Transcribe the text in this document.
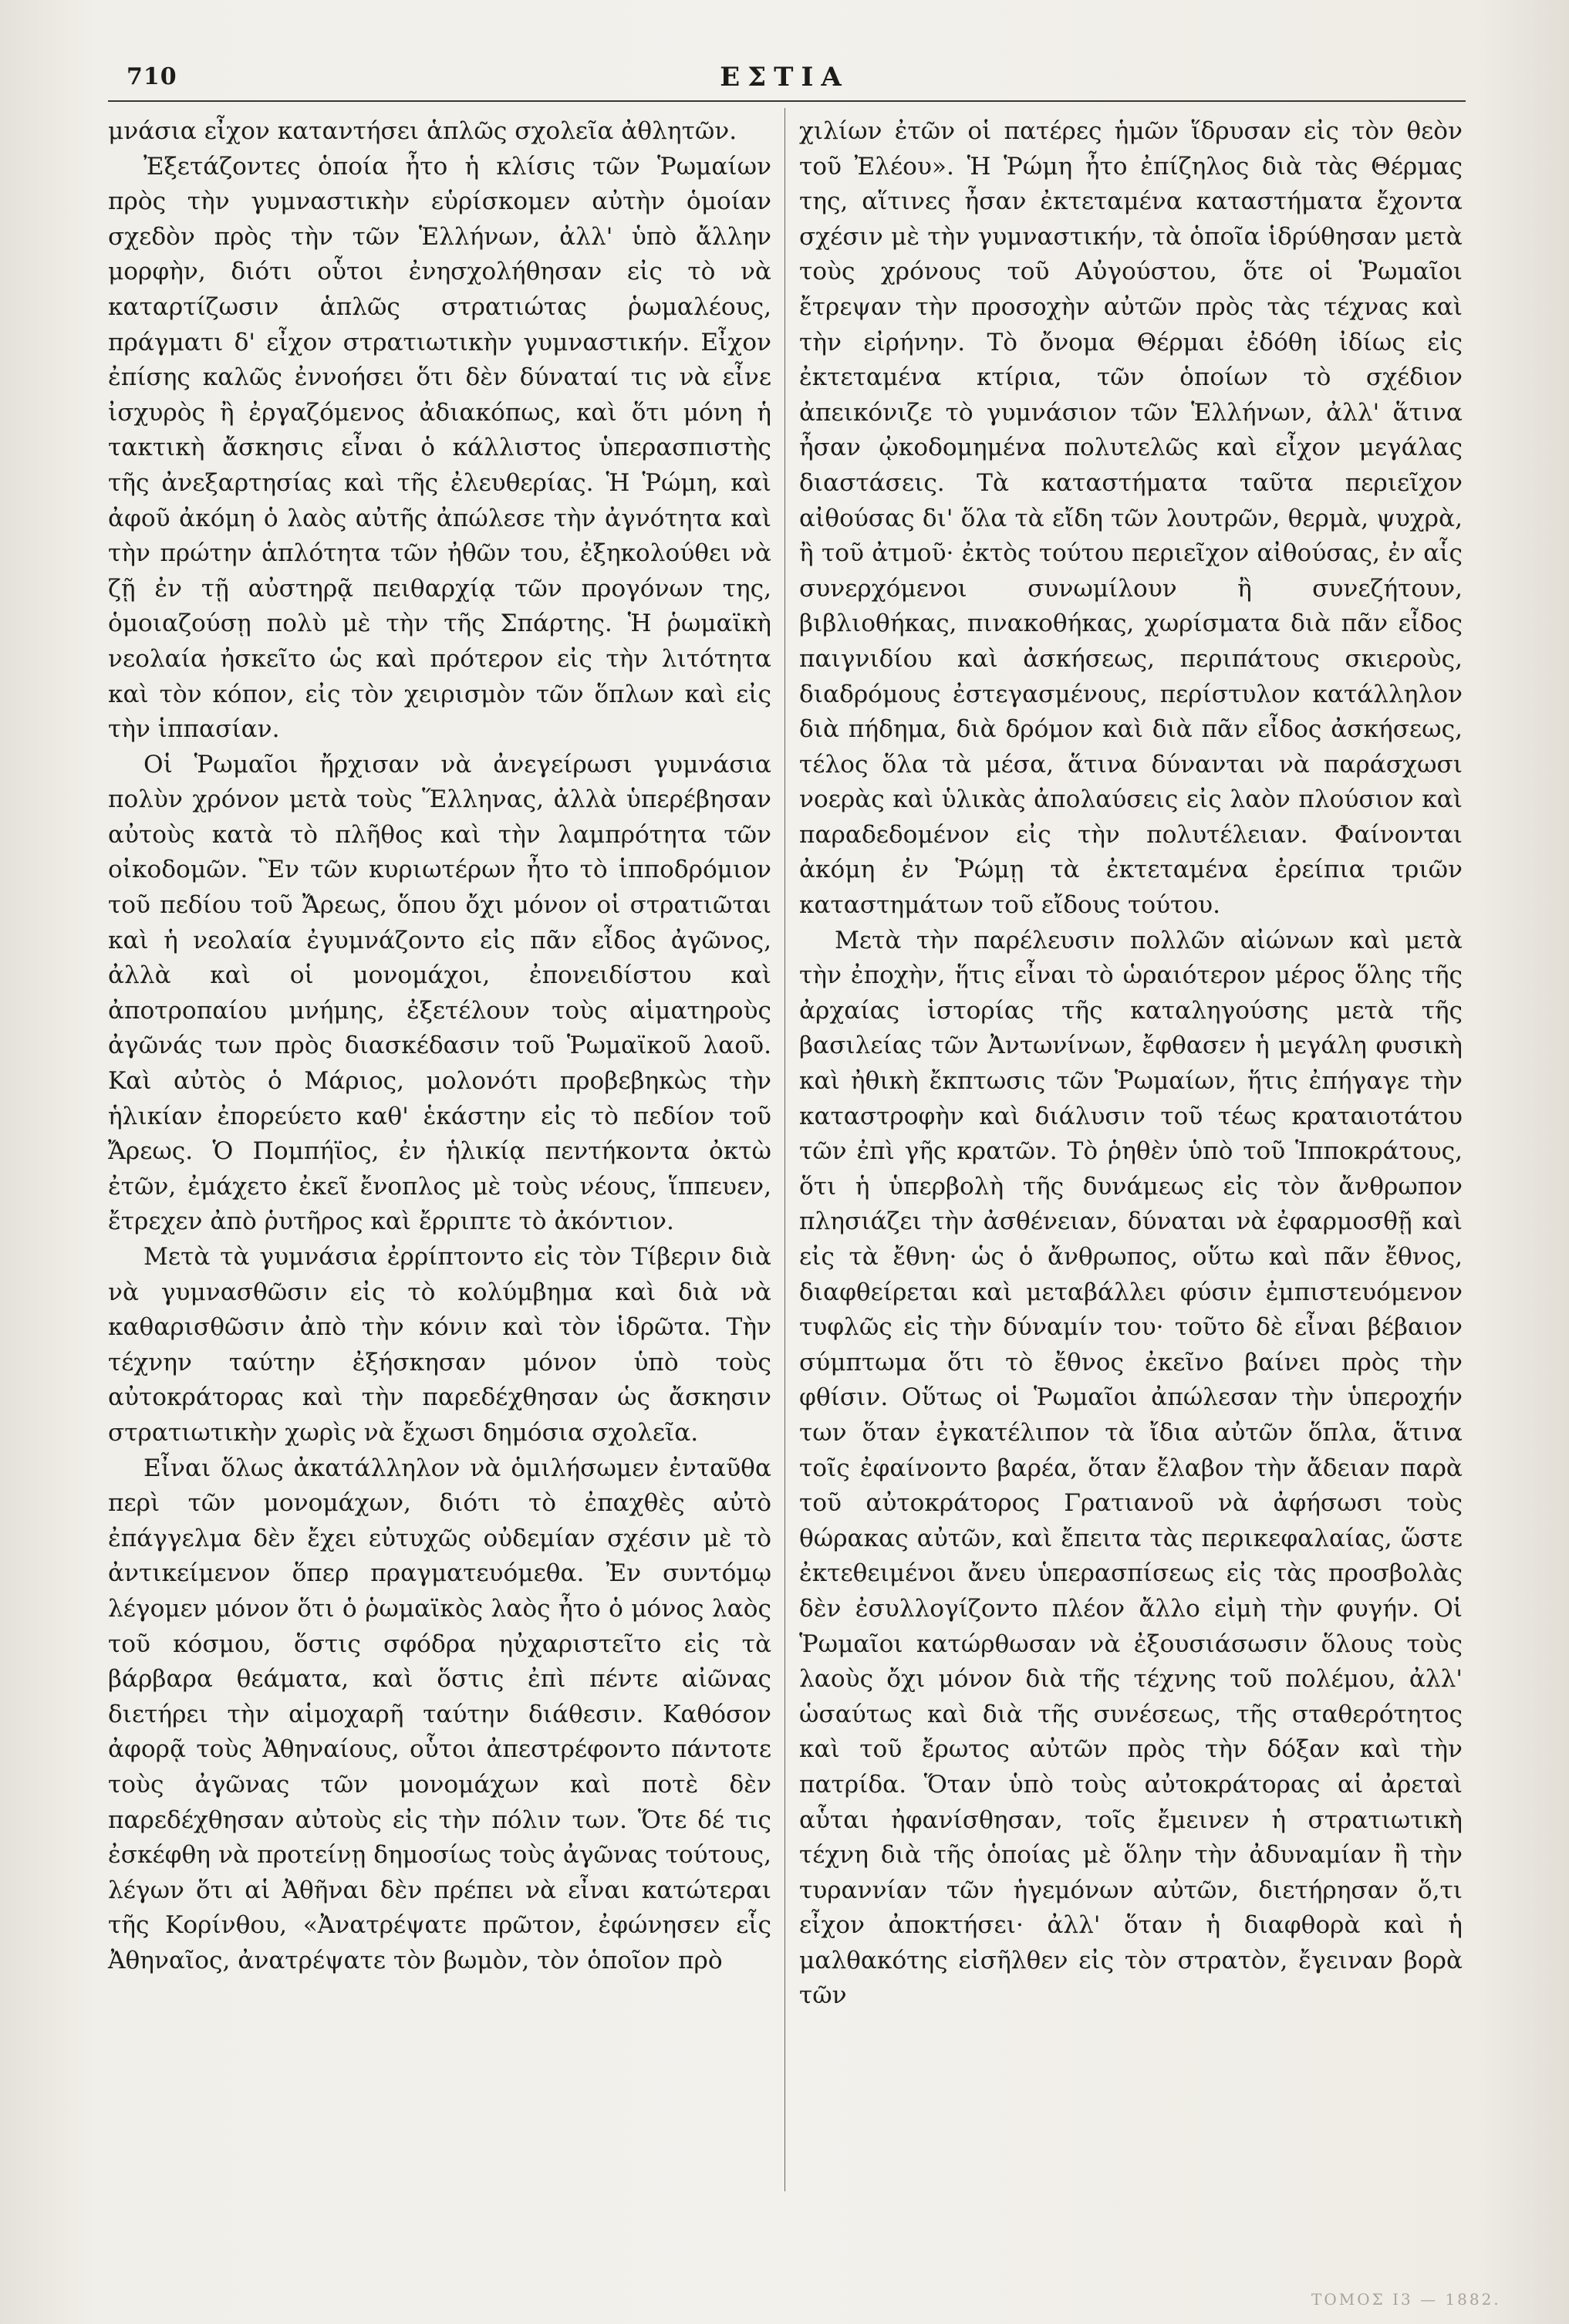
710	ΕΣΤΙΑ

μνάσια εἶχον καταντήσει ἁπλῶς σχολεῖα ἀθλητῶν.

Ἐξετάζοντες ὁποία ἦτο ἡ κλίσις τῶν Ῥωμαίων πρὸς τὴν γυμναστικὴν εὑρίσκομεν αὐτὴν ὁμοίαν σχεδὸν πρὸς τὴν τῶν Ἑλλήνων, ἀλλ' ὑπὸ ἄλλην μορφὴν, διότι οὗτοι ἐνησχολήθησαν εἰς τὸ νὰ καταρτίζωσιν ἁπλῶς στρατιώτας ῥωμαλέους, πράγματι δ' εἶχον στρατιωτικὴν γυμναστικήν. Εἶχον ἐπίσης καλῶς ἐννοήσει ὅτι δὲν δύναταί τις νὰ εἶνε ἰσχυρὸς ἢ ἐργαζόμενος ἀδιακόπως, καὶ ὅτι μόνη ἡ τακτικὴ ἄσκησις εἶναι ὁ κάλλιστος ὑπερασπιστὴς τῆς ἀνεξαρτησίας καὶ τῆς ἐλευθερίας. Ἡ Ῥώμη, καὶ ἀφοῦ ἀκόμη ὁ λαὸς αὐτῆς ἀπώλεσε τὴν ἀγνότητα καὶ τὴν πρώτην ἁπλότητα τῶν ἠθῶν του, ἐξηκολούθει νὰ ζῇ ἐν τῇ αὐστηρᾷ πειθαρχίᾳ τῶν προγόνων της, ὁμοιαζούσῃ πολὺ μὲ τὴν τῆς Σπάρτης. Ἡ ῥωμαϊκὴ νεολαία ἠσκεῖτο ὡς καὶ πρότερον εἰς τὴν λιτότητα καὶ τὸν κόπον, εἰς τὸν χειρισμὸν τῶν ὅπλων καὶ εἰς τὴν ἱππασίαν.

Οἱ Ῥωμαῖοι ἤρχισαν νὰ ἀνεγείρωσι γυμνάσια πολὺν χρόνον μετὰ τοὺς Ἕλληνας, ἀλλὰ ὑπερέβησαν αὐτοὺς κατὰ τὸ πλῆθος καὶ τὴν λαμπρότητα τῶν οἰκοδομῶν. Ἓν τῶν κυριωτέρων ἦτο τὸ ἱπποδρόμιον τοῦ πεδίου τοῦ Ἄρεως, ὅπου ὄχι μόνον οἱ στρατιῶται καὶ ἡ νεολαία ἐγυμνάζοντο εἰς πᾶν εἶδος ἀγῶνος, ἀλλὰ καὶ οἱ μονομάχοι, ἐπονειδίστου καὶ ἀποτροπαίου μνήμης, ἐξετέλουν τοὺς αἱματηροὺς ἀγῶνάς των πρὸς διασκέδασιν τοῦ Ῥωμαϊκοῦ λαοῦ. Καὶ αὐτὸς ὁ Μάριος, μολονότι προβεβηκὼς τὴν ἡλικίαν ἐπορεύετο καθ' ἑκάστην εἰς τὸ πεδίον τοῦ Ἄρεως. Ὁ Πομπήϊος, ἐν ἡλικίᾳ πεντήκοντα ὀκτὼ ἐτῶν, ἐμάχετο ἐκεῖ ἔνοπλος μὲ τοὺς νέους, ἵππευεν, ἔτρεχεν ἀπὸ ῥυτῆρος καὶ ἔρριπτε τὸ ἀκόντιον.

Μετὰ τὰ γυμνάσια ἐρρίπτοντο εἰς τὸν Τίβεριν διὰ νὰ γυμνασθῶσιν εἰς τὸ κολύμβημα καὶ διὰ νὰ καθαρισθῶσιν ἀπὸ τὴν κόνιν καὶ τὸν ἱδρῶτα. Τὴν τέχνην ταύτην ἐξήσκησαν μόνον ὑπὸ τοὺς αὐτοκράτορας καὶ τὴν παρεδέχθησαν ὡς ἄσκησιν στρατιωτικὴν χωρὶς νὰ ἔχωσι δημόσια σχολεῖα.

Εἶναι ὅλως ἀκατάλληλον νὰ ὁμιλήσωμεν ἐνταῦθα περὶ τῶν μονομάχων, διότι τὸ ἐπαχθὲς αὐτὸ ἐπάγγελμα δὲν ἔχει εὐτυχῶς οὐδεμίαν σχέσιν μὲ τὸ ἀντικείμενον ὅπερ πραγματευόμεθα. Ἐν συντόμῳ λέγομεν μόνον ὅτι ὁ ῥωμαϊκὸς λαὸς ἦτο ὁ μόνος λαὸς τοῦ κόσμου, ὅστις σφόδρα ηὐχαριστεῖτο εἰς τὰ βάρβαρα θεάματα, καὶ ὅστις ἐπὶ πέντε αἰῶνας διετήρει τὴν αἱμοχαρῆ ταύτην διάθεσιν. Καθόσον ἀφορᾷ τοὺς Ἀθηναίους, οὗτοι ἀπεστρέφοντο πάντοτε τοὺς ἀγῶνας τῶν μονομάχων καὶ ποτὲ δὲν παρεδέχθησαν αὐτοὺς εἰς τὴν πόλιν των. Ὅτε δέ τις ἐσκέφθη νὰ προτείνῃ δημοσίως τοὺς ἀγῶνας τούτους, λέγων ὅτι αἱ Ἀθῆναι δὲν πρέπει νὰ εἶναι κατώτεραι τῆς Κορίνθου, «Ἀνατρέψατε πρῶτον, ἐφώνησεν εἷς Ἀθηναῖος, ἀνατρέψατε τὸν βωμὸν, τὸν ὁποῖον πρὸ

χιλίων ἐτῶν οἱ πατέρες ἡμῶν ἵδρυσαν εἰς τὸν θεὸν τοῦ Ἐλέου». Ἡ Ῥώμη ἦτο ἐπίζηλος διὰ τὰς Θέρμας της, αἵτινες ἦσαν ἐκτεταμένα καταστήματα ἔχοντα σχέσιν μὲ τὴν γυμναστικήν, τὰ ὁποῖα ἱδρύθησαν μετὰ τοὺς χρόνους τοῦ Αὐγούστου, ὅτε οἱ Ῥωμαῖοι ἔτρεψαν τὴν προσοχὴν αὐτῶν πρὸς τὰς τέχνας καὶ τὴν εἰρήνην. Τὸ ὄνομα Θέρμαι ἐδόθη ἰδίως εἰς ἐκτεταμένα κτίρια, τῶν ὁποίων τὸ σχέδιον ἀπεικόνιζε τὸ γυμνάσιον τῶν Ἑλλήνων, ἀλλ' ἅτινα ἦσαν ᾠκοδομημένα πολυτελῶς καὶ εἶχον μεγάλας διαστάσεις. Τὰ καταστήματα ταῦτα περιεῖχον αἰθούσας δι' ὅλα τὰ εἴδη τῶν λουτρῶν, θερμὰ, ψυχρὰ, ἢ τοῦ ἀτμοῦ· ἐκτὸς τούτου περιεῖχον αἰθούσας, ἐν αἷς συνερχόμενοι συνωμίλουν ἢ συνεζήτουν, βιβλιοθήκας, πινακοθήκας, χωρίσματα διὰ πᾶν εἶδος παιγνιδίου καὶ ἀσκήσεως, περιπάτους σκιεροὺς, διαδρόμους ἐστεγασμένους, περίστυλον κατάλληλον διὰ πήδημα, διὰ δρόμον καὶ διὰ πᾶν εἶδος ἀσκήσεως, τέλος ὅλα τὰ μέσα, ἅτινα δύνανται νὰ παράσχωσι νοερὰς καὶ ὑλικὰς ἀπολαύσεις εἰς λαὸν πλούσιον καὶ παραδεδομένον εἰς τὴν πολυτέλειαν. Φαίνονται ἀκόμη ἐν Ῥώμῃ τὰ ἐκτεταμένα ἐρείπια τριῶν καταστημάτων τοῦ εἴδους τούτου.

Μετὰ τὴν παρέλευσιν πολλῶν αἰώνων καὶ μετὰ τὴν ἐποχὴν, ἥτις εἶναι τὸ ὡραιότερον μέρος ὅλης τῆς ἀρχαίας ἱστορίας τῆς καταληγούσης μετὰ τῆς βασιλείας τῶν Ἀντωνίνων, ἔφθασεν ἡ μεγάλη φυσικὴ καὶ ἠθικὴ ἔκπτωσις τῶν Ῥωμαίων, ἥτις ἐπήγαγε τὴν καταστροφὴν καὶ διάλυσιν τοῦ τέως κραταιοτάτου τῶν ἐπὶ γῆς κρατῶν. Τὸ ῥηθὲν ὑπὸ τοῦ Ἱπποκράτους, ὅτι ἡ ὑπερβολὴ τῆς δυνάμεως εἰς τὸν ἄνθρωπον πλησιάζει τὴν ἀσθένειαν, δύναται νὰ ἐφαρμοσθῇ καὶ εἰς τὰ ἔθνη· ὡς ὁ ἄνθρωπος, οὕτω καὶ πᾶν ἔθνος, διαφθείρεται καὶ μεταβάλλει φύσιν ἐμπιστευόμενον τυφλῶς εἰς τὴν δύναμίν του· τοῦτο δὲ εἶναι βέβαιον σύμπτωμα ὅτι τὸ ἔθνος ἐκεῖνο βαίνει πρὸς τὴν φθίσιν. Οὕτως οἱ Ῥωμαῖοι ἀπώλεσαν τὴν ὑπεροχήν των ὅταν ἐγκατέλιπον τὰ ἴδια αὐτῶν ὅπλα, ἅτινα τοῖς ἐφαίνοντο βαρέα, ὅταν ἔλαβον τὴν ἄδειαν παρὰ τοῦ αὐτοκράτορος Γρατιανοῦ νὰ ἀφήσωσι τοὺς θώρακας αὐτῶν, καὶ ἔπειτα τὰς περικεφαλαίας, ὥστε ἐκτεθειμένοι ἄνευ ὑπερασπίσεως εἰς τὰς προσβολὰς δὲν ἐσυλλογίζοντο πλέον ἄλλο εἰμὴ τὴν φυγήν. Οἱ Ῥωμαῖοι κατώρθωσαν νὰ ἐξουσιάσωσιν ὅλους τοὺς λαοὺς ὄχι μόνον διὰ τῆς τέχνης τοῦ πολέμου, ἀλλ' ὡσαύτως καὶ διὰ τῆς συνέσεως, τῆς σταθερότητος καὶ τοῦ ἔρωτος αὐτῶν πρὸς τὴν δόξαν καὶ τὴν πατρίδα. Ὅταν ὑπὸ τοὺς αὐτοκράτορας αἱ ἀρεταὶ αὗται ἠφανίσθησαν, τοῖς ἔμεινεν ἡ στρατιωτικὴ τέχνη διὰ τῆς ὁποίας μὲ ὅλην τὴν ἀδυναμίαν ἢ τὴν τυραννίαν τῶν ἡγεμόνων αὐτῶν, διετήρησαν ὅ,τι εἶχον ἀποκτήσει· ἀλλ' ὅταν ἡ διαφθορὰ καὶ ἡ μαλθακότης εἰσῆλθεν εἰς τὸν στρατὸν, ἔγειναν βορὰ τῶν

ΤΟΜΟΣ Ι3 — 1882.
